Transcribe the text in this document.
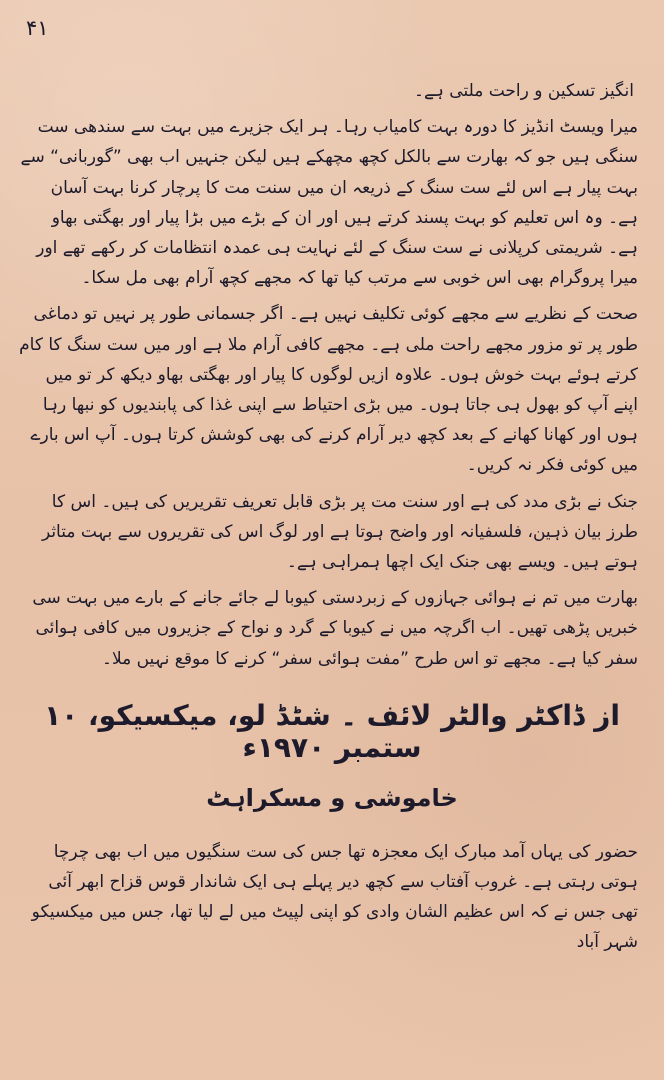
۴۱

انگیز تسکین و راحت ملتی ہے۔

میرا ویسٹ انڈیز کا دورہ بہت کامیاب رہا۔ ہر ایک جزیرے میں بہت سے سندھی ست سنگی ہیں جو کہ بھارت سے بالکل کچھ مچھکے ہیں لیکن جنہیں اب بھی ”گوربانی“ سے بہت پیار ہے اس لئے ست سنگ کے ذریعہ ان میں سنت مت کا پرچار کرنا بہت آسان ہے۔ وہ اس تعلیم کو بہت پسند کرتے ہیں اور ان کے بڑے میں بڑا پیار اور بھگتی بھاو ہے۔ شریمتی کرپلانی نے ست سنگ کے لئے نہایت ہی عمدہ انتظامات کر رکھے تھے اور میرا پروگرام بھی اس خوبی سے مرتب کیا تھا کہ مجھے کچھ آرام بھی مل سکا۔

صحت کے نظریے سے مجھے کوئی تکلیف نہیں ہے۔ اگر جسمانی طور پر نہیں تو دماغی طور پر تو مزور مجھے راحت ملی ہے۔ مجھے کافی آرام ملا ہے اور میں ست سنگ کا کام کرتے ہوئے بہت خوش ہوں۔ علاوہ ازیں لوگوں کا پیار اور بھگتی بھاو دیکھ کر تو میں اپنے آپ کو بھول ہی جاتا ہوں۔ میں بڑی احتیاط سے اپنی غذا کی پابندیوں کو نبھا رہا ہوں اور کھانا کھانے کے بعد کچھ دیر آرام کرنے کی بھی کوشش کرتا ہوں۔ آپ اس بارے میں کوئی فکر نہ کریں۔

جنک نے بڑی مدد کی ہے اور سنت مت پر بڑی قابل تعریف تقریریں کی ہیں۔ اس کا طرز بیان ذہین، فلسفیانہ اور واضح ہوتا ہے اور لوگ اس کی تقریروں سے بہت متاثر ہوتے ہیں۔ ویسے بھی جنک ایک اچھا ہمراہی ہے۔

بھارت میں تم نے ہوائی جہازوں کے زبردستی کیوبا لے جائے جانے کے بارے میں بہت سی خبریں پڑھی تھیں۔ اب اگرچہ میں نے کیوبا کے گرد و نواح کے جزیروں میں کافی ہوائی سفر کیا ہے۔ مجھے تو اس طرح ”مفت ہوائی سفر“ کرنے کا موقع نہیں ملا۔

از ڈاکٹر والٹر لائف ۔ شٹڈ لو، میکسیکو، ۱۰ ستمبر ۱۹۷۰ء
خاموشی و مسکراہٹ

حضور کی یہاں آمد مبارک ایک معجزہ تھا جس کی ست سنگیوں میں اب بھی چرچا ہوتی رہتی ہے۔ غروب آفتاب سے کچھ دیر پہلے ہی ایک شاندار قوس قزاح ابھر آئی تھی جس نے کہ اس عظیم الشان وادی کو اپنی لپیٹ میں لے لیا تھا، جس میں میکسیکو شہر آباد
